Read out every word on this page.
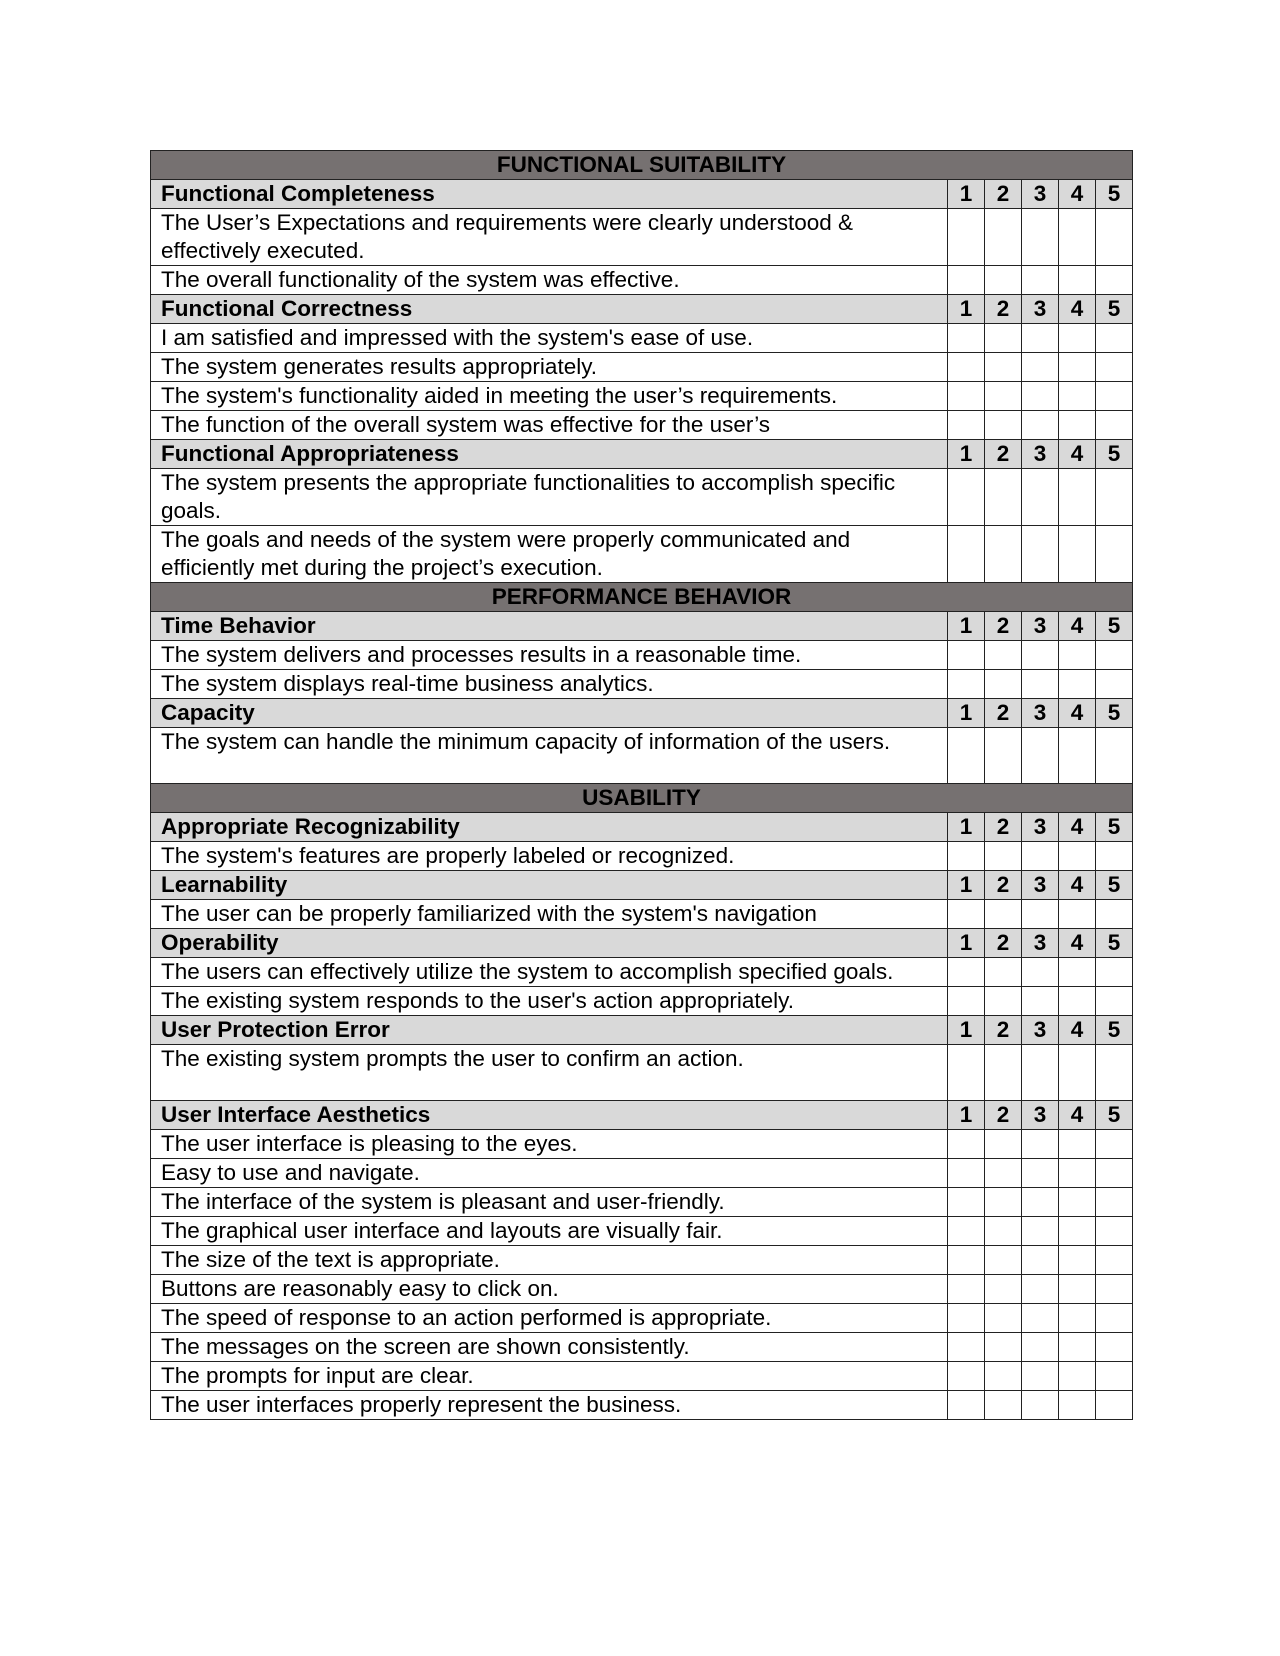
FUNCTIONAL SUITABILITY					
Functional Completeness	1	2	3	4	5
The User’s Expectations and requirements were clearly understood & effectively executed.					
The overall functionality of the system was effective.					
Functional Correctness	1	2	3	4	5
I am satisfied and impressed with the system's ease of use.					
The system generates results appropriately.					
The system's functionality aided in meeting the user’s requirements.					
The function of the overall system was effective for the user’s					
Functional Appropriateness	1	2	3	4	5
The system presents the appropriate functionalities to accomplish specific goals.					
The goals and needs of the system were properly communicated and efficiently met during the project’s execution.					
PERFORMANCE BEHAVIOR					
Time Behavior	1	2	3	4	5
The system delivers and processes results in a reasonable time.					
The system displays real-time business analytics.					
Capacity	1	2	3	4	5
The system can handle the minimum capacity of information of the users.					
USABILITY					
Appropriate Recognizability	1	2	3	4	5
The system's features are properly labeled or recognized.					
Learnability	1	2	3	4	5
The user can be properly familiarized with the system's navigation					
Operability	1	2	3	4	5
The users can effectively utilize the system to accomplish specified goals.					
The existing system responds to the user's action appropriately.					
User Protection Error	1	2	3	4	5
The existing system prompts the user to confirm an action.					
User Interface Aesthetics	1	2	3	4	5
The user interface is pleasing to the eyes.					
Easy to use and navigate.					
The interface of the system is pleasant and user-friendly.					
The graphical user interface and layouts are visually fair.					
The size of the text is appropriate.					
Buttons are reasonably easy to click on.					
The speed of response to an action performed is appropriate.					
The messages on the screen are shown consistently.					
The prompts for input are clear.					
The user interfaces properly represent the business.					
